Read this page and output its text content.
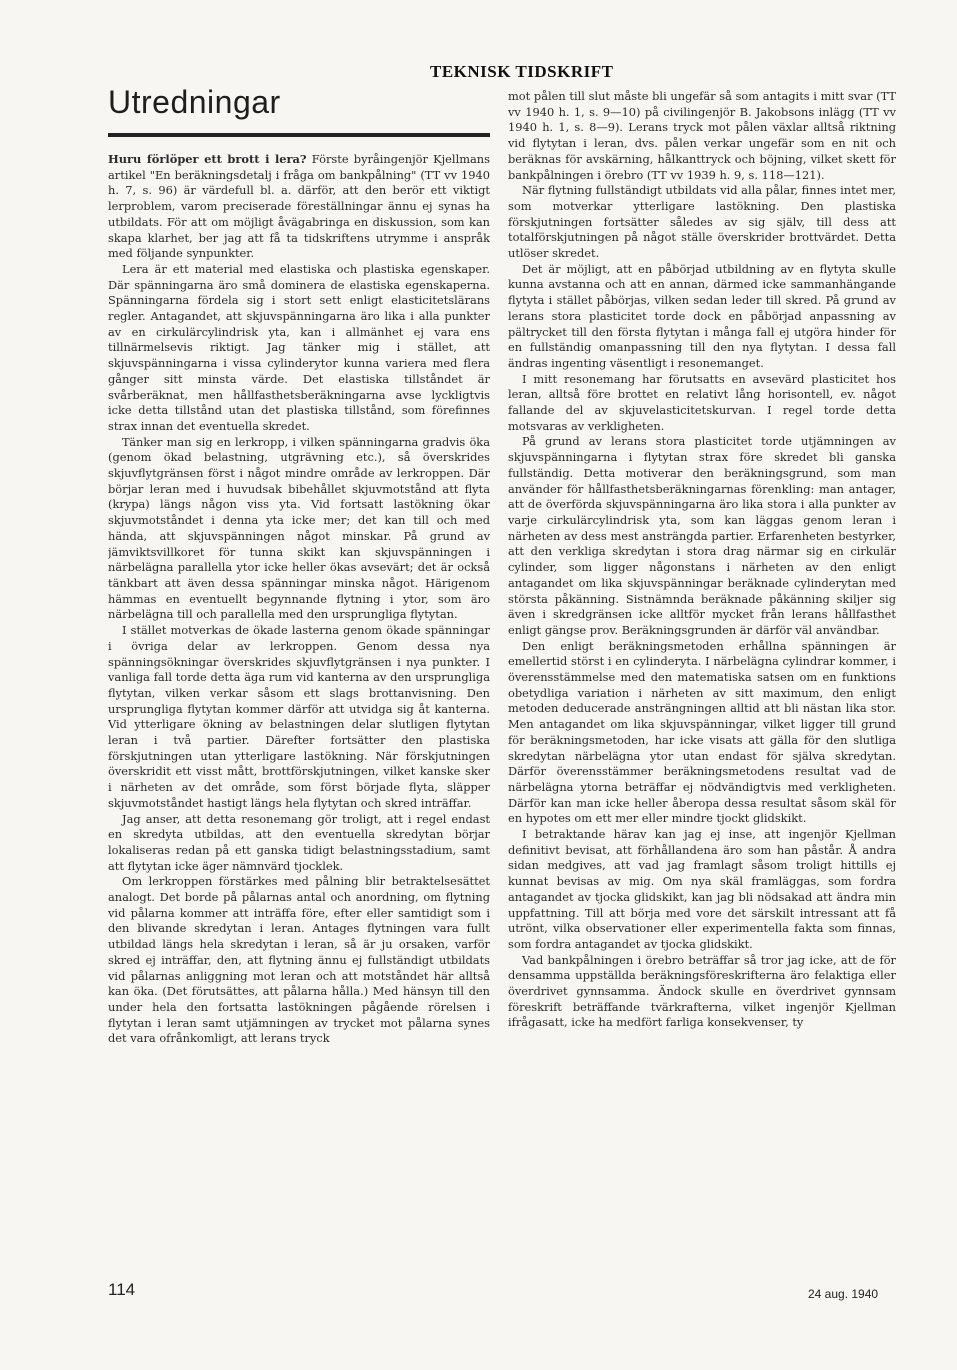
TEKNISK TIDSKRIFT
Utredningar

Huru förlöper ett brott i lera? Förste byråingenjör Kjellmans artikel "En beräkningsdetalj i fråga om bankpålning" (TT vv 1940 h. 7, s. 96) är värdefull bl. a. därför, att den berör ett viktigt lerproblem, varom preciserade föreställningar ännu ej synas ha utbildats. För att om möjligt åvägabringa en diskussion, som kan skapa klarhet, ber jag att få ta tidskriftens utrymme i anspråk med följande synpunkter.

Lera är ett material med elastiska och plastiska egenskaper. Där spänningarna äro små dominera de elastiska egenskaperna. Spänningarna fördela sig i stort sett enligt elasticitetslärans regler. Antagandet, att skjuvspänningarna äro lika i alla punkter av en cirkulärcylindrisk yta, kan i allmänhet ej vara ens tillnärmelsevis riktigt. Jag tänker mig i stället, att skjuvspänningarna i vissa cylinderytor kunna variera med flera gånger sitt minsta värde. Det elastiska tillståndet är svårberäknat, men hållfasthetsberäkningarna avse lyckligtvis icke detta tillstånd utan det plastiska tillstånd, som förefinnes strax innan det eventuella skredet.

Tänker man sig en lerkropp, i vilken spänningarna gradvis öka (genom ökad belastning, utgrävning etc.), så överskrides skjuvflytgränsen först i något mindre område av lerkroppen. Där börjar leran med i huvudsak bibehållet skjuvmotstånd att flyta (krypa) längs någon viss yta. Vid fortsatt lastökning ökar skjuvmotståndet i denna yta icke mer; det kan till och med hända, att skjuvspänningen något minskar. På grund av jämviktsvillkoret för tunna skikt kan skjuvspänningen i närbelägna parallella ytor icke heller ökas avsevärt; det är också tänkbart att även dessa spänningar minska något. Härigenom hämmas en eventuellt begynnande flytning i ytor, som äro närbelägna till och parallella med den ursprungliga flytytan.

I stället motverkas de ökade lasterna genom ökade spänningar i övriga delar av lerkroppen. Genom dessa nya spänningsökningar överskrides skjuvflytgränsen i nya punkter. I vanliga fall torde detta äga rum vid kanterna av den ursprungliga flytytan, vilken verkar såsom ett slags brottanvisning. Den ursprungliga flytytan kommer därför att utvidga sig åt kanterna. Vid ytterligare ökning av belastningen delar slutligen flytytan leran i två partier. Därefter fortsätter den plastiska förskjutningen utan ytterligare lastökning. När förskjutningen överskridit ett visst mått, brottförskjutningen, vilket kanske sker i närheten av det område, som först började flyta, släpper skjuvmotståndet hastigt längs hela flytytan och skred inträffar.

Jag anser, att detta resonemang gör troligt, att i regel endast en skredyta utbildas, att den eventuella skredytan börjar lokaliseras redan på ett ganska tidigt belastningsstadium, samt att flytytan icke äger nämnvärd tjocklek.

Om lerkroppen förstärkes med pålning blir betraktelsesättet analogt. Det borde på pålarnas antal och anordning, om flytning vid pålarna kommer att inträffa före, efter eller samtidigt som i den blivande skredytan i leran. Antages flytningen vara fullt utbildad längs hela skredytan i leran, så är ju orsaken, varför skred ej inträffar, den, att flytning ännu ej fullständigt utbildats vid pålarnas anliggning mot leran och att motståndet här alltså kan öka. (Det förutsättes, att pålarna hålla.) Med hänsyn till den under hela den fortsatta lastökningen pågående rörelsen i flytytan i leran samt utjämningen av trycket mot pålarna synes det vara ofrånkomligt, att lerans tryck

mot pålen till slut måste bli ungefär så som antagits i mitt svar (TT vv 1940 h. 1, s. 9—10) på civilingenjör B. Jakobsons inlägg (TT vv 1940 h. 1, s. 8—9). Lerans tryck mot pålen växlar alltså riktning vid flytytan i leran, dvs. pålen verkar ungefär som en nit och beräknas för avskärning, hålkanttryck och böjning, vilket skett för bankpålningen i örebro (TT vv 1939 h. 9, s. 118—121).

När flytning fullständigt utbildats vid alla pålar, finnes intet mer, som motverkar ytterligare lastökning. Den plastiska förskjutningen fortsätter således av sig själv, till dess att totalförskjutningen på något ställe överskrider brottvärdet. Detta utlöser skredet.

Det är möjligt, att en påbörjad utbildning av en flytyta skulle kunna avstanna och att en annan, därmed icke sammanhängande flytyta i stället påbörjas, vilken sedan leder till skred. På grund av lerans stora plasticitet torde dock en påbörjad anpassning av pältrycket till den första flytytan i många fall ej utgöra hinder för en fullständig omanpassning till den nya flytytan. I dessa fall ändras ingenting väsentligt i resonemanget.

I mitt resonemang har förutsatts en avsevärd plasticitet hos leran, alltså före brottet en relativt lång horisontell, ev. något fallande del av skjuvelasticitetskurvan. I regel torde detta motsvaras av verkligheten.

På grund av lerans stora plasticitet torde utjämningen av skjuvspänningarna i flytytan strax före skredet bli ganska fullständig. Detta motiverar den beräkningsgrund, som man använder för hållfasthetsberäkningarnas förenkling: man antager, att de överförda skjuvspänningarna äro lika stora i alla punkter av varje cirkulärcylindrisk yta, som kan läggas genom leran i närheten av dess mest ansträngda partier. Erfarenheten bestyrker, att den verkliga skredytan i stora drag närmar sig en cirkulär cylinder, som ligger någonstans i närheten av den enligt antagandet om lika skjuvspänningar beräknade cylinderytan med största påkänning. Sistnämnda beräknade påkänning skiljer sig även i skredgränsen icke alltför mycket från lerans hållfasthet enligt gängse prov. Beräkningsgrunden är därför väl användbar.

Den enligt beräkningsmetoden erhållna spänningen är emellertid störst i en cylinderyta. I närbelägna cylindrar kommer, i överensstämmelse med den matematiska satsen om en funktions obetydliga variation i närheten av sitt maximum, den enligt metoden deducerade ansträngningen alltid att bli nästan lika stor. Men antagandet om lika skjuvspänningar, vilket ligger till grund för beräkningsmetoden, har icke visats att gälla för den slutliga skredytan närbelägna ytor utan endast för själva skredytan. Därför överensstämmer beräkningsmetodens resultat vad de närbelägna ytorna beträffar ej nödvändigtvis med verkligheten. Därför kan man icke heller åberopa dessa resultat såsom skäl för en hypotes om ett mer eller mindre tjockt glidskikt.

I betraktande härav kan jag ej inse, att ingenjör Kjellman definitivt bevisat, att förhållandena äro som han påstår. Å andra sidan medgives, att vad jag framlagt såsom troligt hittills ej kunnat bevisas av mig. Om nya skäl framläggas, som fordra antagandet av tjocka glidskikt, kan jag bli nödsakad att ändra min uppfattning. Till att börja med vore det särskilt intressant att få utrönt, vilka observationer eller experimentella fakta som finnas, som fordra antagandet av tjocka glidskikt.

Vad bankpålningen i örebro beträffar så tror jag icke, att de för densamma uppställda beräkningsföreskrifterna äro felaktiga eller överdrivet gynnsamma. Ändock skulle en överdrivet gynnsam föreskrift beträffande tvärkrafterna, vilket ingenjör Kjellman ifrågasatt, icke ha medfört farliga konsekvenser, ty

114	24 aug. 1940
